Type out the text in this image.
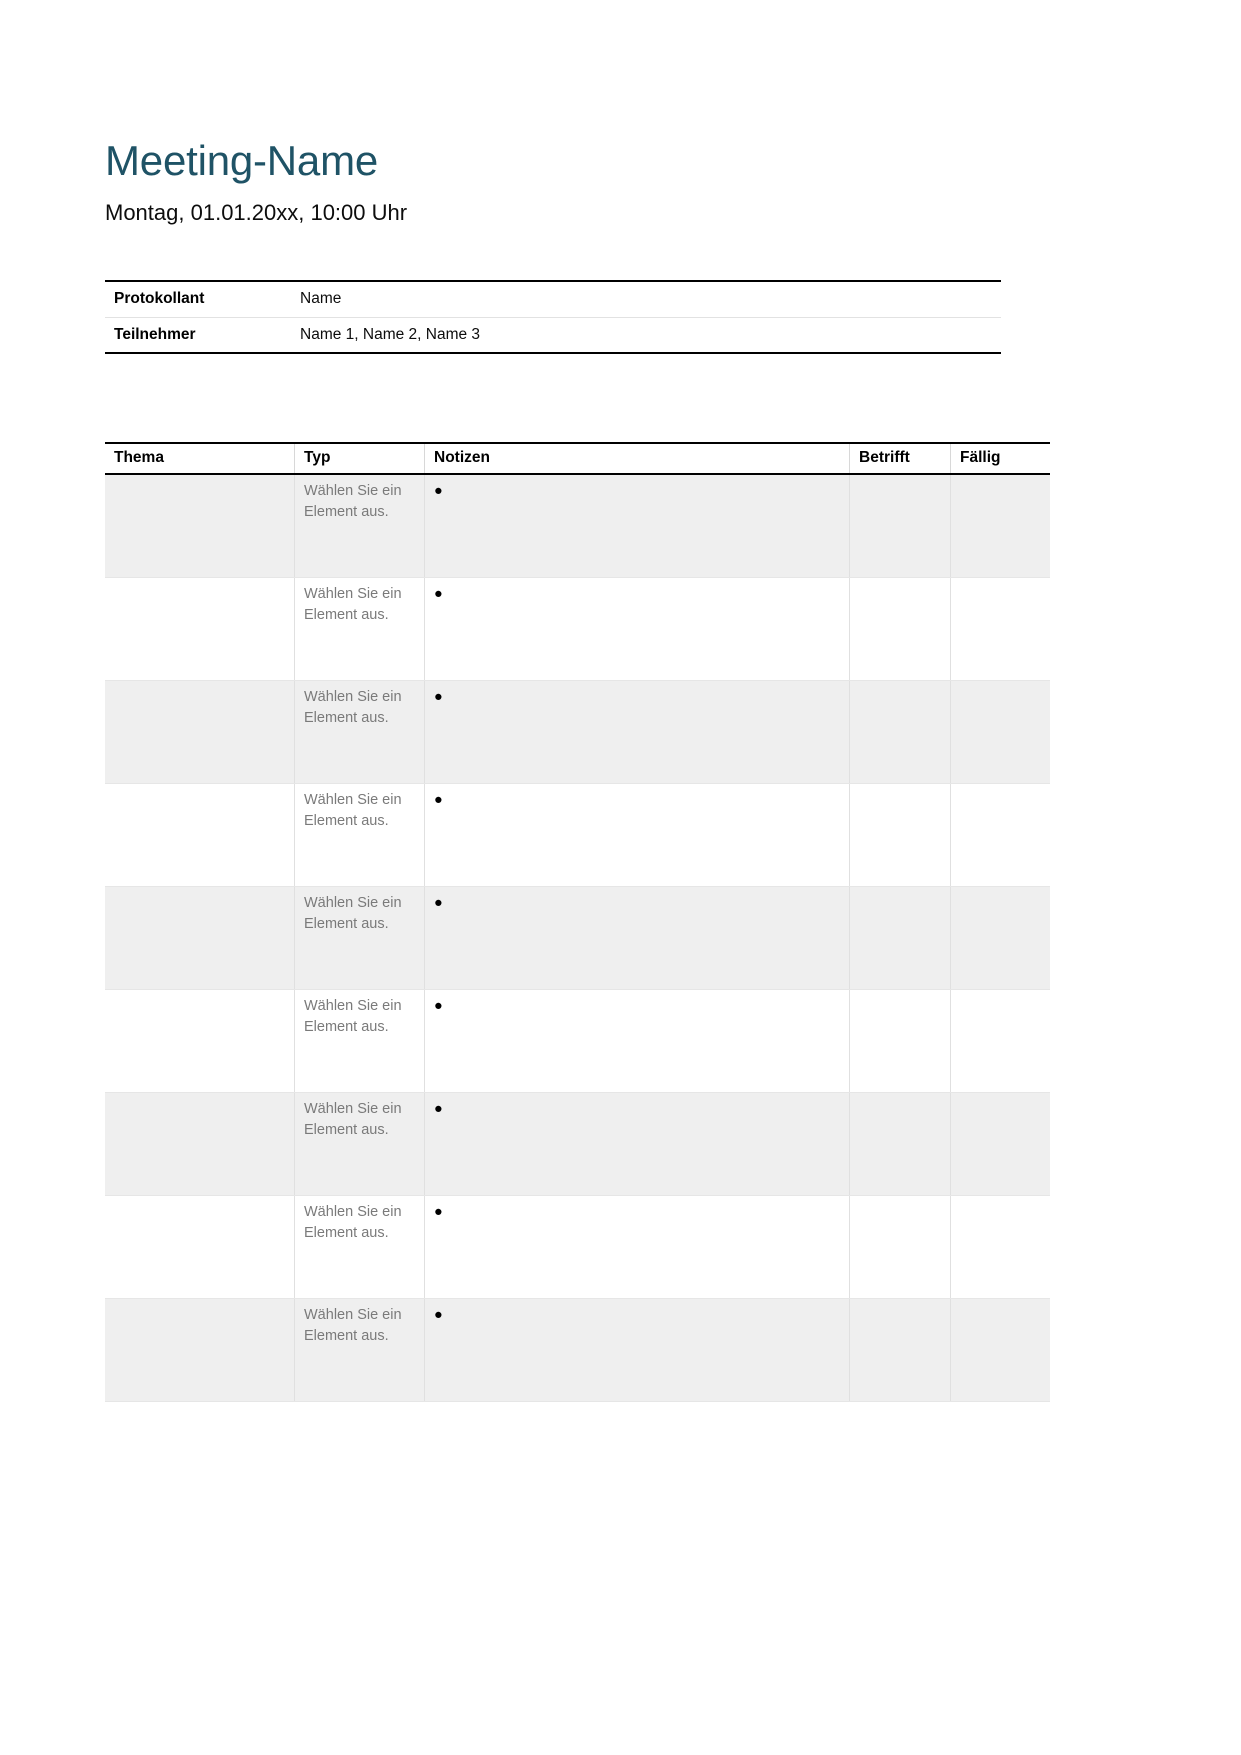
Meeting-Name
Montag, 01.01.20xx, 10:00 Uhr
Protokollant	Name
Teilnehmer	Name 1, Name 2, Name 3
Thema	Typ	Notizen	Betrifft	Fällig
	Wählen Sie ein Element aus.	●		

	Wählen Sie ein Element aus.	●		

	Wählen Sie ein Element aus.	●		

	Wählen Sie ein Element aus.	●		

	Wählen Sie ein Element aus.	●		

	Wählen Sie ein Element aus.	●		

	Wählen Sie ein Element aus.	●		

	Wählen Sie ein Element aus.	●		

	Wählen Sie ein Element aus.	●		
